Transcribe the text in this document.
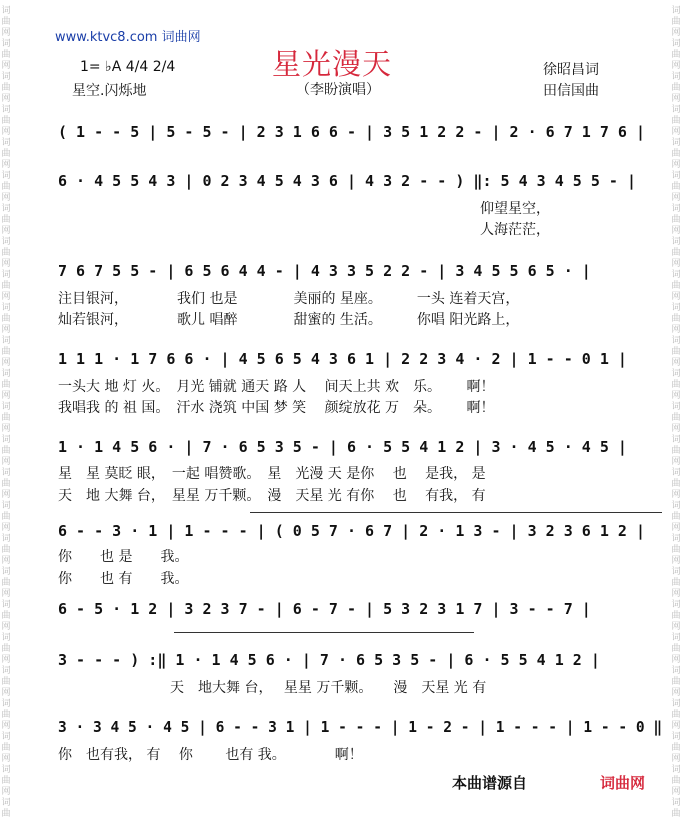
词
曲
网
词
曲
网
词
曲
网
词
曲
网
词
曲
网
词
曲
网
词
曲
网
词
曲
网
词
曲
网
词
曲
网
词
曲
网
词
曲
网
词
曲
网
词
曲
网
词
曲
网
词
曲
网
词
曲
网
词
曲
网
词
曲
网
词
曲
网
词
曲
网
词
曲
网
词
曲
网
词
曲
网
词
曲
词
曲
网
词
曲
网
词
曲
网
词
曲
网
词
曲
网
词
曲
网
词
曲
网
词
曲
网
词
曲
网
词
曲
网
词
曲
网
词
曲
网
词
曲
网
词
曲
网
词
曲
网
词
曲
网
词
曲
网
词
曲
网
词
曲
网
词
曲
网
词
曲
网
词
曲
网
词
曲
网
词
曲
网
词
曲
www.ktvc8.com 词曲网
星光漫天
（李盼演唱）
1= ♭A 4/4 2/4
星空.闪烁地
徐昭昌词
田信国曲
( 1 - - 5 | 5 - 5 - | 2 3 1 6 6 - | 3 5 1 2 2 - | 2 · 6 7 1 7 6 |
6 · 4 5 5 4 3 | 0 2 3 4 5 4 3 6 | 4 3 2 - - ) ‖: 5 4 3 4 5 5 - |
仰望星空，
人海茫茫，
7 6 7 5 5 - | 6 5 6 4 4 - | 4 3 3 5 2 2 - | 3 4 5 5 6 5 · |
注目银河，　　　　我们 也是　　　　美丽的 星座。　　　一头 连着天宫，
灿若银河，　　　　歌儿 唱醉　　　　甜蜜的 生活。　　　你唱 阳光路上，
1 1 1 · 1 7 6 6 · | 4 5 6 5 4 3 6 1 | 2 2 3 4 · 2 | 1 - - 0 1 |
一头大 地 灯 火。　月光 铺就 通天 路 人　 间天上共 欢　乐。　　 啊！
我唱我 的 祖 国。　汗水 浇筑 中国 梦 笑　 颜绽放花 万　朵。　　 啊！
1 · 1 4 5 6 · | 7 · 6 5 3 5 - | 6 · 5 5 4 1 2 | 3 · 4 5 · 4 5 |
星　星 莫眨 眼，　一起 唱赞歌。　星　光漫 天 是你　 也　 是我， 是
天　地 大舞 台，　星星 万千颗。　漫　天星 光 有你　 也　 有我， 有
6 - - 3 · 1 | 1 - - - | ( 0 5 7 · 6 7 | 2 · 1 3 - | 3 2 3 6 1 2 |
你　　也 是　　我。
你　　也 有　　我。
6 - 5 · 1 2 | 3 2 3 7 - | 6 - 7 - | 5 3 2 3 1 7 | 3 - - 7 |
3 - - - ) :‖ 1 · 1 4 5 6 · | 7 · 6 5 3 5 - | 6 · 5 5 4 1 2 |
　　　　　　　　天　地大舞 台，　 星星 万千颗。　　漫　天星 光 有
3 · 3 4 5 · 4 5 | 6 - - 3 1 | 1 - - - | 1 - 2 - | 1 - - - | 1 - - 0 ‖
你　也有我， 有　 你　　 也有 我。　　　　啊！
本曲谱源自	词曲网
